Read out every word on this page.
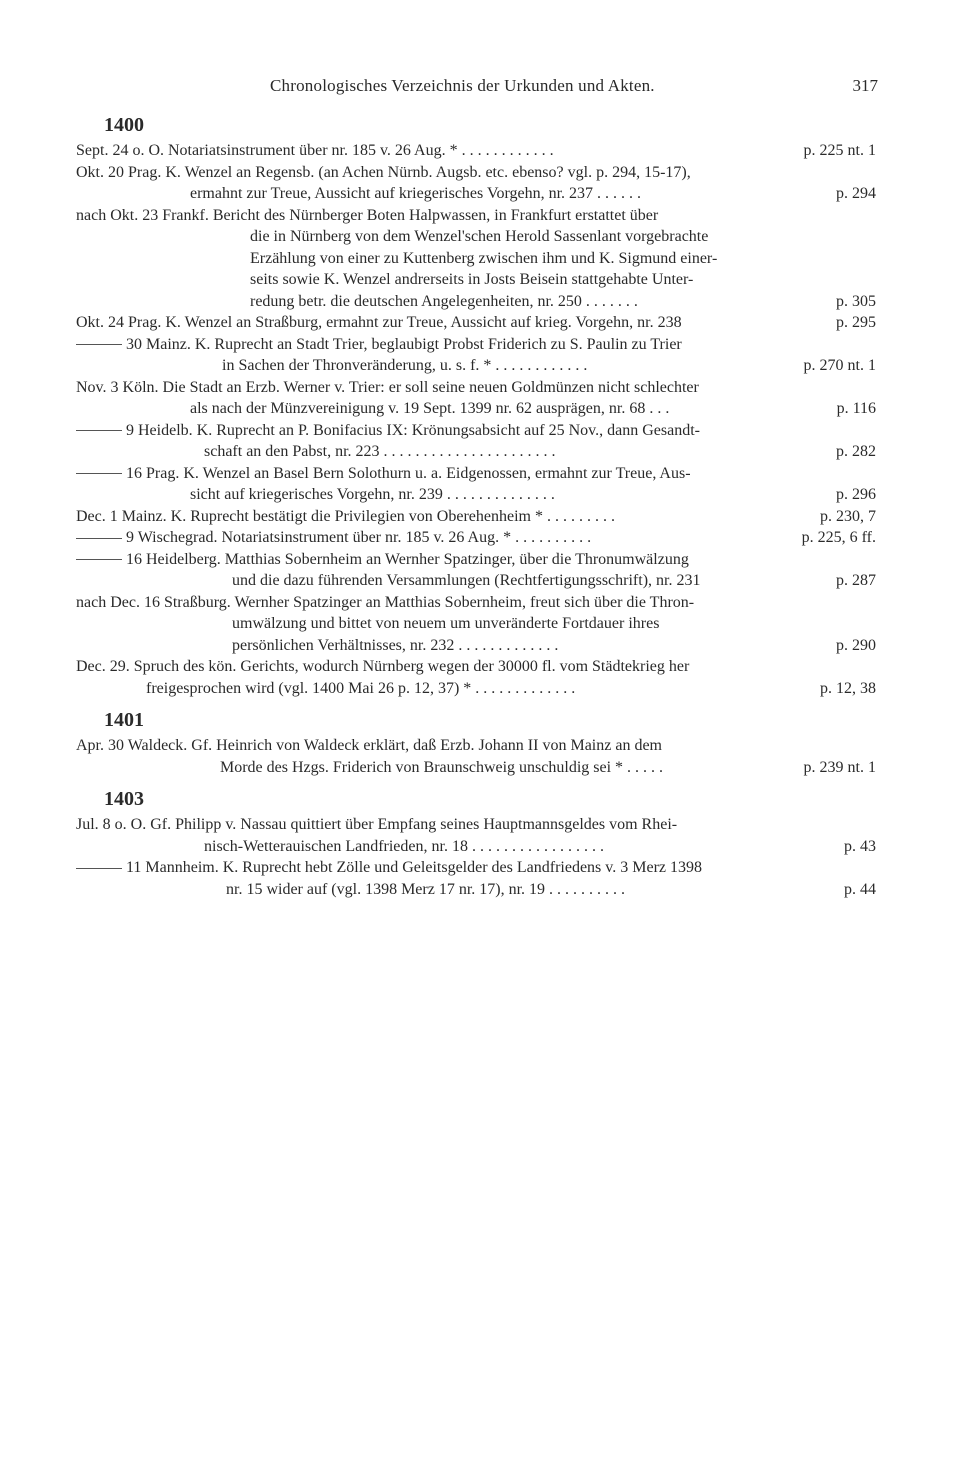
Chronologisches Verzeichnis der Urkunden und Akten.	317
1400
Sept. 24 o. O. Notariatsinstrument über nr. 185 v. 26 Aug. * . . . . . . . . . . . .	p. 225 nt. 1
Okt. 20 Prag. K. Wenzel an Regensb. (an Achen Nürnb. Augsb. etc. ebenso? vgl. p. 294, 15-17),
ermahnt zur Treue, Aussicht auf kriegerisches Vorgehn, nr. 237 . . . . . .	p. 294
nach Okt. 23 Frankf. Bericht des Nürnberger Boten Halpwassen, in Frankfurt erstattet über
die in Nürnberg von dem Wenzel'schen Herold Sassenlant vorgebrachte
Erzählung von einer zu Kuttenberg zwischen ihm und K. Sigmund einer-
seits sowie K. Wenzel andrerseits in Josts Beisein stattgehabte Unter-
redung betr. die deutschen Angelegenheiten, nr. 250 . . . . . . .	p. 305
Okt. 24 Prag. K. Wenzel an Straßburg, ermahnt zur Treue, Aussicht auf krieg. Vorgehn, nr. 238	p. 295
30 Mainz. K. Ruprecht an Stadt Trier, beglaubigt Probst Friderich zu S. Paulin zu Trier
in Sachen der Thronveränderung, u. s. f. * . . . . . . . . . . . .	p. 270 nt. 1
Nov. 3 Köln. Die Stadt an Erzb. Werner v. Trier: er soll seine neuen Goldmünzen nicht schlechter
als nach der Münzvereinigung v. 19 Sept. 1399 nr. 62 ausprägen, nr. 68 . . .	p. 116
9 Heidelb. K. Ruprecht an P. Bonifacius IX: Krönungsabsicht auf 25 Nov., dann Gesandt-
schaft an den Pabst, nr. 223 . . . . . . . . . . . . . . . . . . . . . .	p. 282
16 Prag. K. Wenzel an Basel Bern Solothurn u. a. Eidgenossen, ermahnt zur Treue, Aus-
sicht auf kriegerisches Vorgehn, nr. 239 . . . . . . . . . . . . . .	p. 296
Dec. 1 Mainz. K. Ruprecht bestätigt die Privilegien von Oberehenheim * . . . . . . . . .	p. 230, 7
9 Wischegrad. Notariatsinstrument über nr. 185 v. 26 Aug. * . . . . . . . . . .	p. 225, 6 ff.
16 Heidelberg. Matthias Sobernheim an Wernher Spatzinger, über die Thronumwälzung
und die dazu führenden Versammlungen (Rechtfertigungsschrift), nr. 231	p. 287
nach Dec. 16 Straßburg. Wernher Spatzinger an Matthias Sobernheim, freut sich über die Thron-
umwälzung und bittet von neuem um unveränderte Fortdauer ihres
persönlichen Verhältnisses, nr. 232 . . . . . . . . . . . . .	p. 290
Dec. 29. Spruch des kön. Gerichts, wodurch Nürnberg wegen der 30000 fl. vom Städtekrieg her
freigesprochen wird (vgl. 1400 Mai 26 p. 12, 37) * . . . . . . . . . . . . .	p. 12, 38
1401
Apr. 30 Waldeck. Gf. Heinrich von Waldeck erklärt, daß Erzb. Johann II von Mainz an dem
Morde des Hzgs. Friderich von Braunschweig unschuldig sei * . . . . .	p. 239 nt. 1
1403
Jul. 8 o. O. Gf. Philipp v. Nassau quittiert über Empfang seines Hauptmannsgeldes vom Rhei-
nisch-Wetterauischen Landfrieden, nr. 18 . . . . . . . . . . . . . . . . .	p. 43
11 Mannheim. K. Ruprecht hebt Zölle und Geleitsgelder des Landfriedens v. 3 Merz 1398
nr. 15 wider auf (vgl. 1398 Merz 17 nr. 17), nr. 19 . . . . . . . . . .	p. 44
